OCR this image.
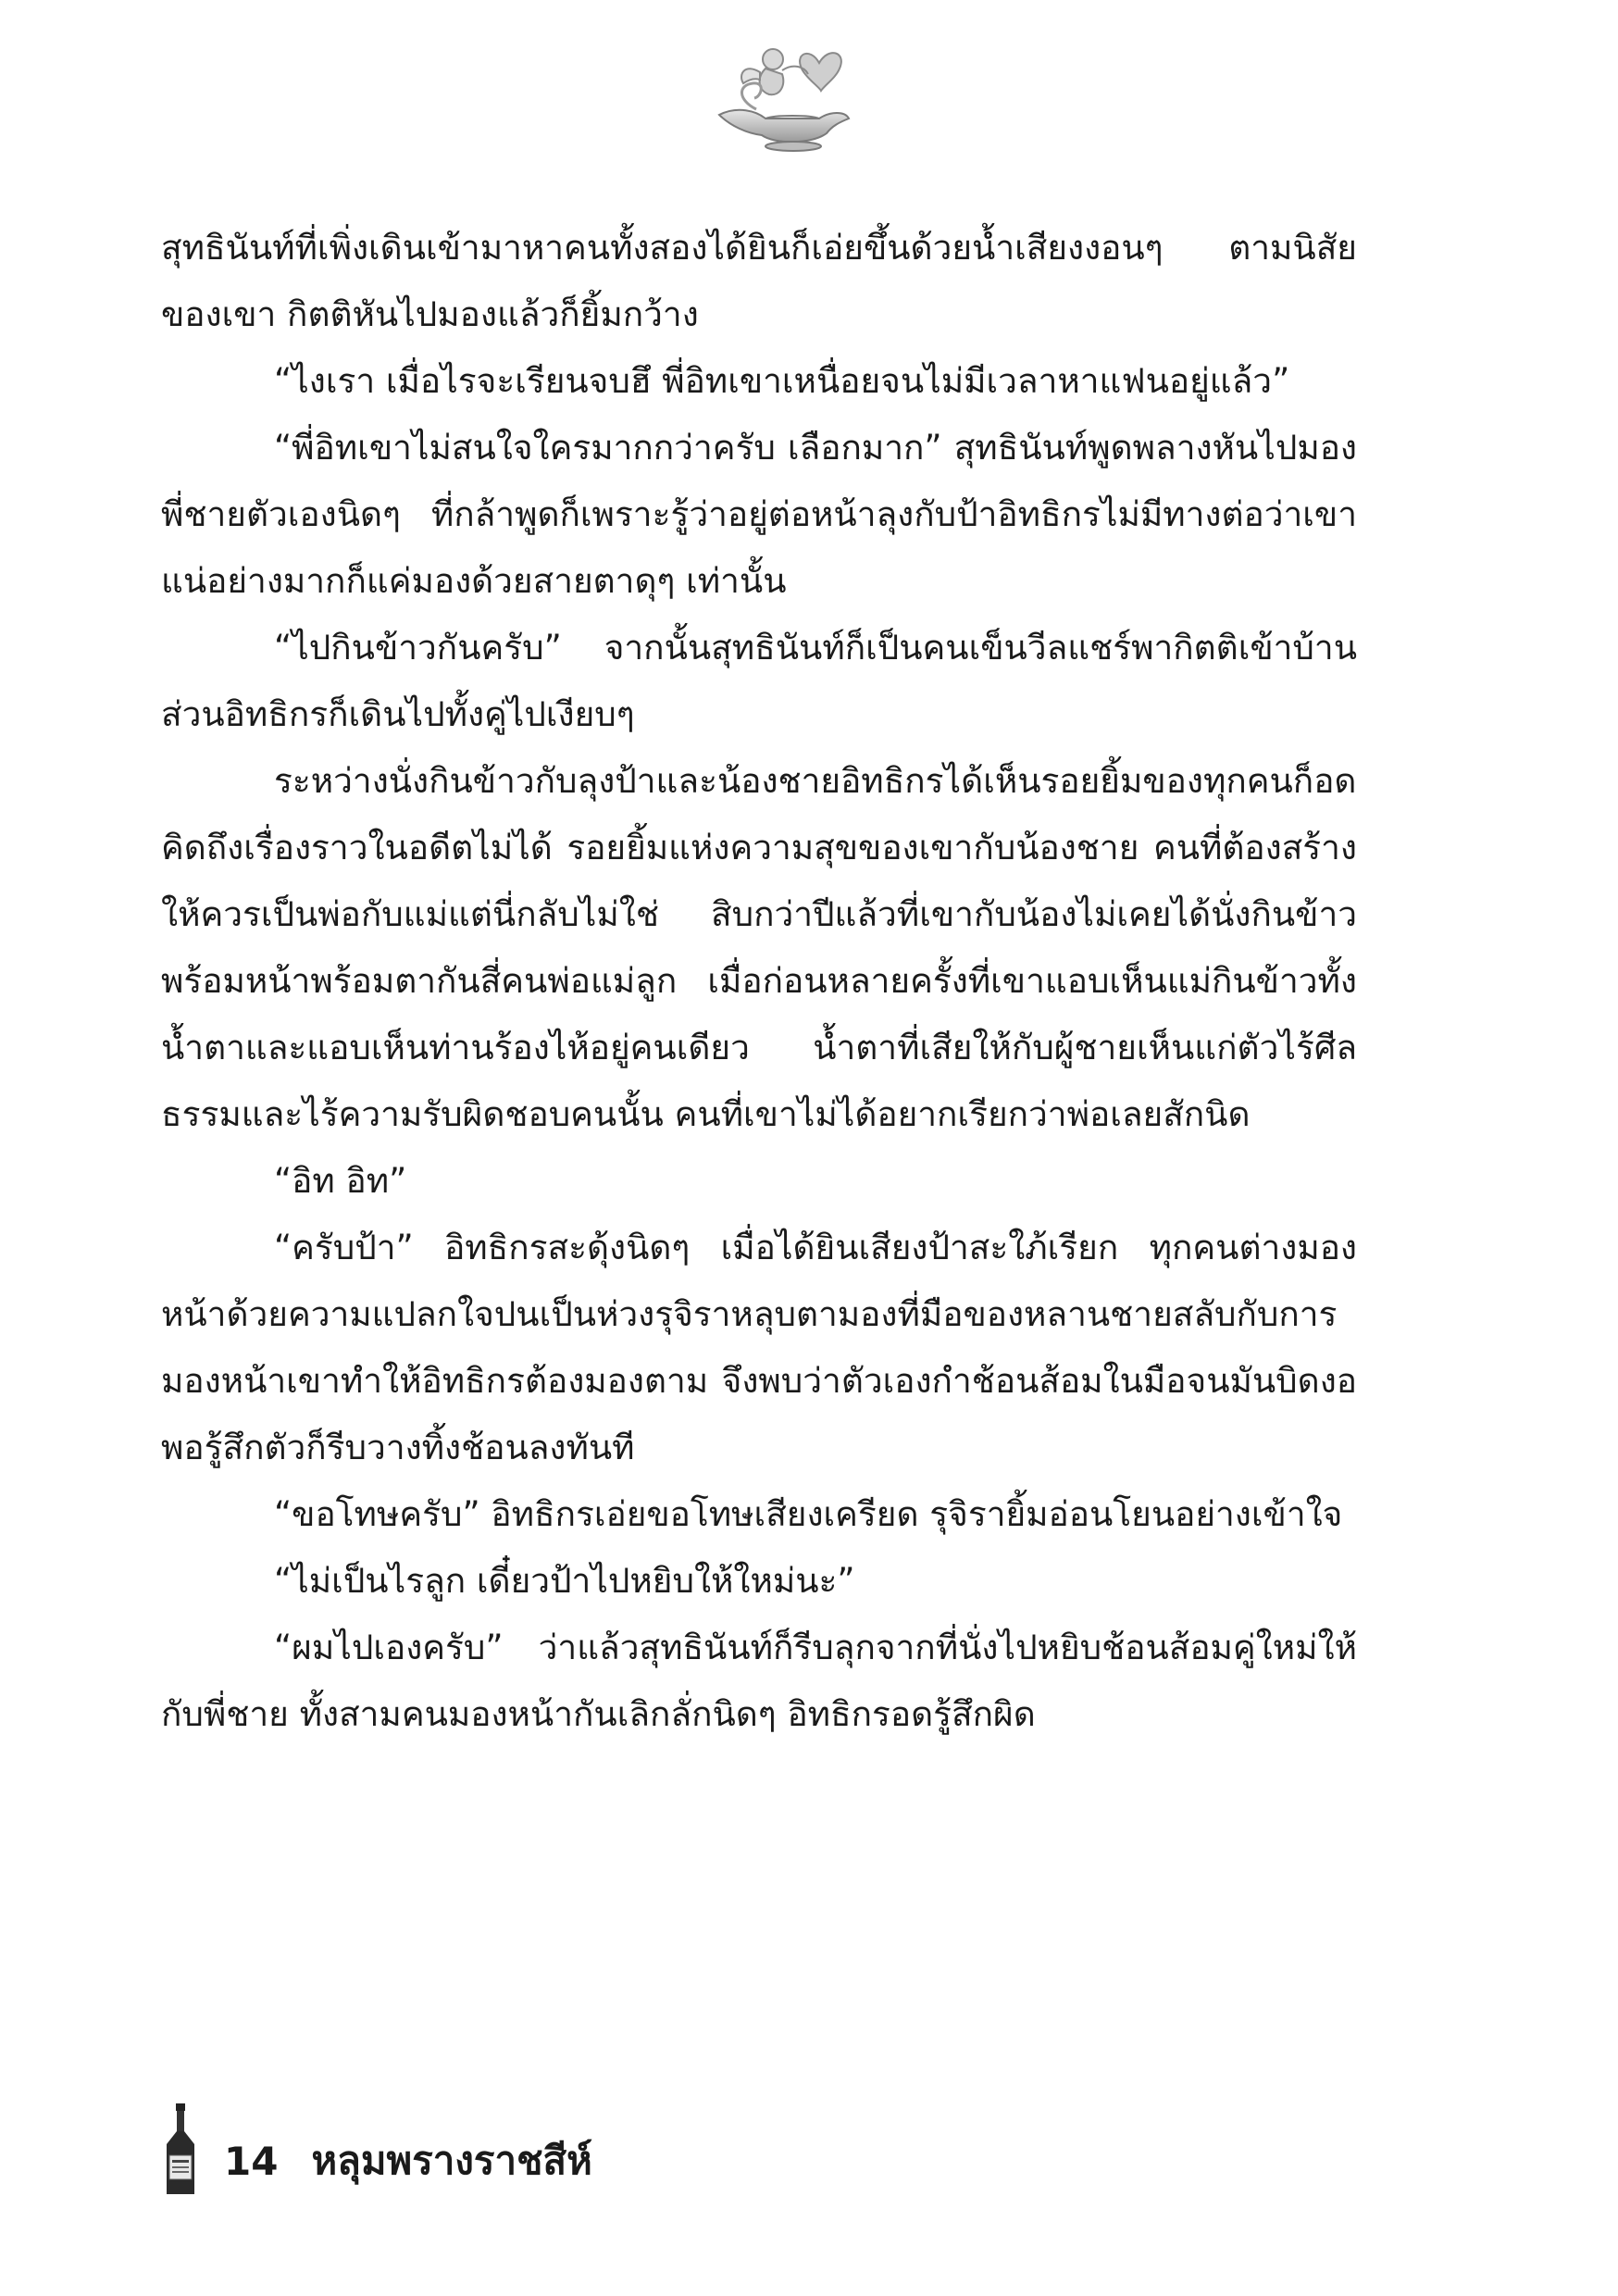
สุทธินันท์ที่เพิ่งเดินเข้ามาหาคนทั้งสองได้ยินก็เอ่ยขึ้นด้วยน้ำเสียงงอนๆ ตามนิสัยของเขา กิตติหันไปมองแล้วก็ยิ้มกว้าง

“ไงเรา เมื่อไรจะเรียนจบฮึ พี่อิทเขาเหนื่อยจนไม่มีเวลาหาแฟนอยู่แล้ว”

“พี่อิทเขาไม่สนใจใครมากกว่าครับ เลือกมาก” สุทธินันท์พูดพลางหันไปมองพี่ชายตัวเองนิดๆ ที่กล้าพูดก็เพราะรู้ว่าอยู่ต่อหน้าลุงกับป้าอิทธิกรไม่มีทางต่อว่าเขาแน่อย่างมากก็แค่มองด้วยสายตาดุๆ เท่านั้น

“ไปกินข้าวกันครับ” จากนั้นสุทธินันท์ก็เป็นคนเข็นวีลแชร์พากิตติเข้าบ้านส่วนอิทธิกรก็เดินไปทั้งคู่ไปเงียบๆ

ระหว่างนั่งกินข้าวกับลุงป้าและน้องชายอิทธิกรได้เห็นรอยยิ้มของทุกคนก็อดคิดถึงเรื่องราวในอดีตไม่ได้ รอยยิ้มแห่งความสุขของเขากับน้องชาย คนที่ต้องสร้างให้ควรเป็นพ่อกับแม่แต่นี่กลับไม่ใช่ สิบกว่าปีแล้วที่เขากับน้องไม่เคยได้นั่งกินข้าวพร้อมหน้าพร้อมตากันสี่คนพ่อแม่ลูก เมื่อก่อนหลายครั้งที่เขาแอบเห็นแม่กินข้าวทั้งน้ำตาและแอบเห็นท่านร้องไห้อยู่คนเดียว น้ำตาที่เสียให้กับผู้ชายเห็นแก่ตัวไร้ศีลธรรมและไร้ความรับผิดชอบคนนั้น คนที่เขาไม่ได้อยากเรียกว่าพ่อเลยสักนิด

“อิท อิท”

“ครับป้า” อิทธิกรสะดุ้งนิดๆ เมื่อได้ยินเสียงป้าสะใภ้เรียก ทุกคนต่างมองหน้าด้วยความแปลกใจปนเป็นห่วงรุจิราหลุบตามองที่มือของหลานชายสลับกับการมองหน้าเขาทำให้อิทธิกรต้องมองตาม จึงพบว่าตัวเองกำช้อนส้อมในมือจนมันบิดงอ พอรู้สึกตัวก็รีบวางทิ้งช้อนลงทันที

“ขอโทษครับ” อิทธิกรเอ่ยขอโทษเสียงเครียด รุจิรายิ้มอ่อนโยนอย่างเข้าใจ

“ไม่เป็นไรลูก เดี๋ยวป้าไปหยิบให้ใหม่นะ”

“ผมไปเองครับ” ว่าแล้วสุทธินันท์ก็รีบลุกจากที่นั่งไปหยิบช้อนส้อมคู่ใหม่ให้กับพี่ชาย ทั้งสามคนมองหน้ากันเลิกลั่กนิดๆ อิทธิกรอดรู้สึกผิด

14 หลุมพรางราชสีห์
